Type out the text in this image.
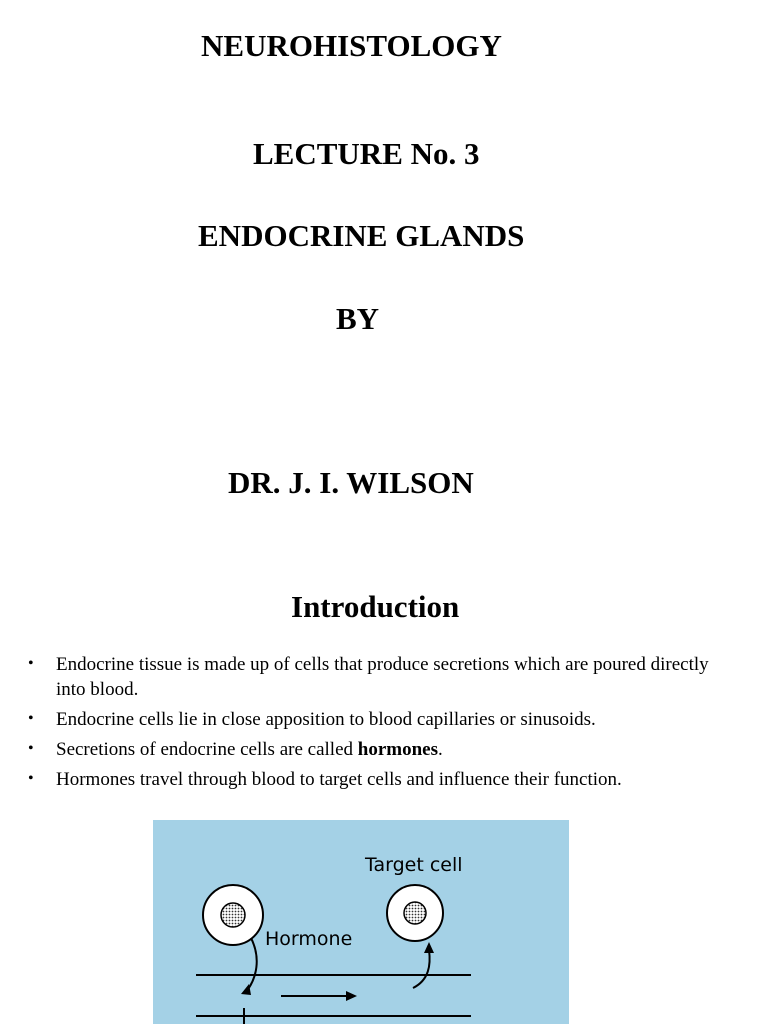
NEUROHISTOLOGY
LECTURE No. 3
ENDOCRINE GLANDS
BY
DR. J. I. WILSON
Introduction
• Endocrine tissue is made up of cells that produce secretions which are poured directly into blood.
• Endocrine cells lie in close apposition to blood capillaries or sinusoids.
• Secretions of endocrine cells are called hormones.
• Hormones travel through blood to target cells and influence their function.
Target cell
Hormone
